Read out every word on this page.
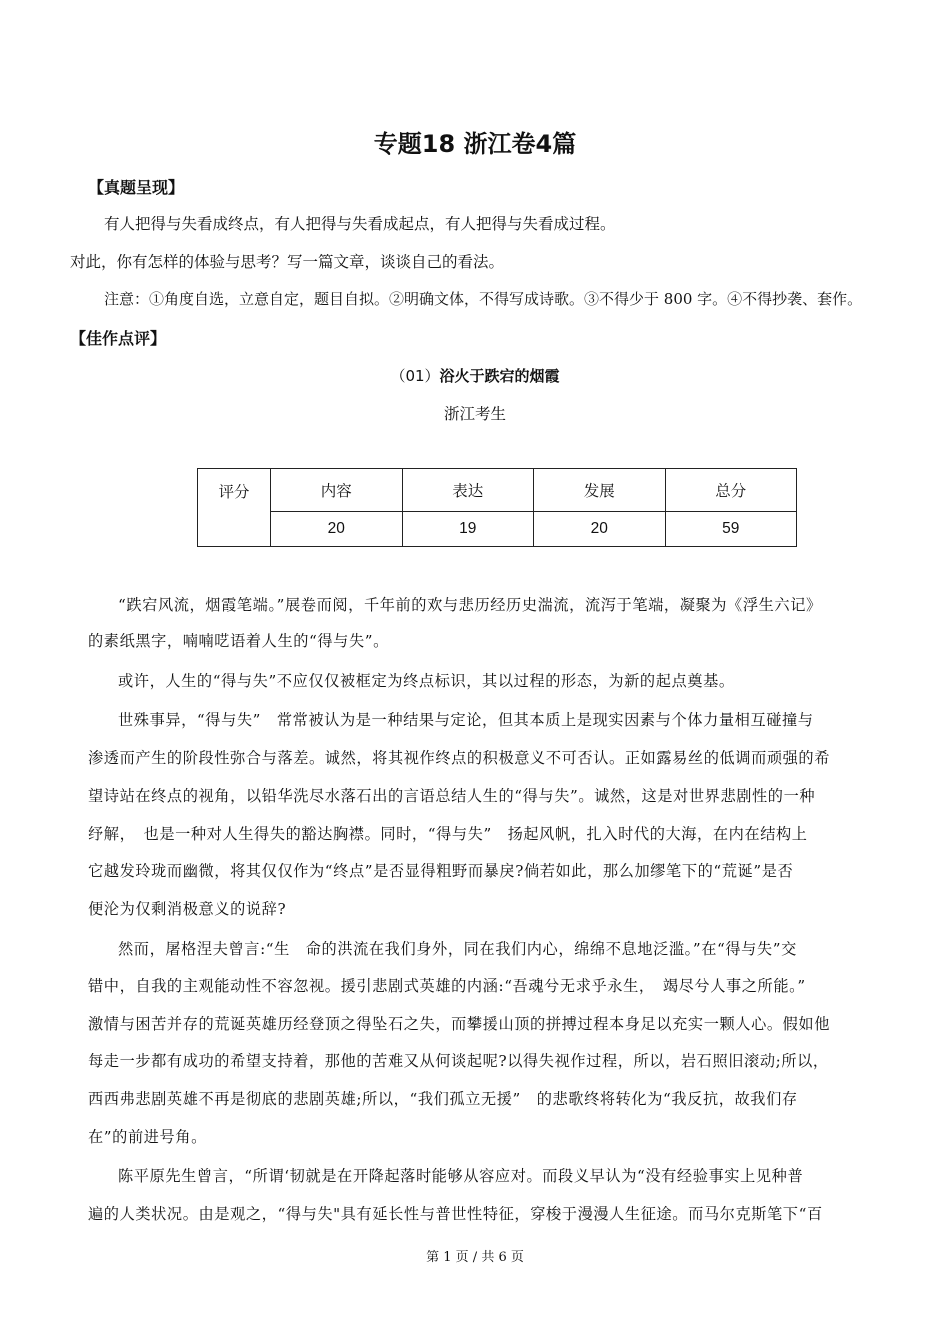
专题18 浙江卷4篇
【真题呈现】
有人把得与失看成终点，有人把得与失看成起点，有人把得与失看成过程。
对此，你有怎样的体验与思考？写一篇文章，谈谈自己的看法。
注意：①角度自选，立意自定，题目自拟。②明确文体，不得写成诗歌。③不得少于 800 字。④不得抄袭、套作。
【佳作点评】
（01）浴火于跌宕的烟霞
浙江考生
评分	内容	表达	发展	总分
	20	19	20	59
“跌宕风流，烟霞笔端。”展卷而阅，千年前的欢与悲历经历史湍流，流泻于笔端，凝聚为《浮生六记》
的素纸黑字，喃喃呓语着人生的“得与失”。
或许，人生的“得与失”不应仅仅被框定为终点标识，其以过程的形态，为新的起点奠基。
世殊事异，“得与失”　常常被认为是一种结果与定论，但其本质上是现实因素与个体力量相互碰撞与
渗透而产生的阶段性弥合与落差。诚然，将其视作终点的积极意义不可否认。正如露易丝的低调而顽强的希
望诗站在终点的视角，以铅华洗尽水落石出的言语总结人生的“得与失”。诚然，这是对世界悲剧性的一种
纾解，　也是一种对人生得失的豁达胸襟。同时，“得与失”　扬起风帆，扎入时代的大海，在内在结构上
它越发玲珑而幽微，将其仅仅作为“终点”是否显得粗野而暴戾?倘若如此，那么加缪笔下的“荒诞”是否
便沦为仅剩消极意义的说辞?
然而，屠格涅夫曾言:“生　命的洪流在我们身外，同在我们内心，绵绵不息地泛滥。”在“得与失”交
错中，自我的主观能动性不容忽视。援引悲剧式英雄的内涵:“吾魂兮无求乎永生，　竭尽兮人事之所能。”
激情与困苦并存的荒诞英雄历经登顶之得坠石之失，而攀援山顶的拼搏过程本身足以充实一颗人心。假如他
每走一步都有成功的希望支持着，那他的苦难又从何谈起呢?以得失视作过程，所以，岩石照旧滚动;所以，
西西弗悲剧英雄不再是彻底的悲剧英雄;所以，“我们孤立无援”　的悲歌终将转化为“我反抗，故我们存
在”的前进号角。
陈平原先生曾言，“所谓‘韧就是在开降起落时能够从容应对。而段义早认为“没有经验事实上见种普
遍的人类状况。由是观之，“得与失"具有延长性与普世性特征，穿梭于漫漫人生征途。而马尔克斯笔下“百
第 1 页 / 共 6 页
